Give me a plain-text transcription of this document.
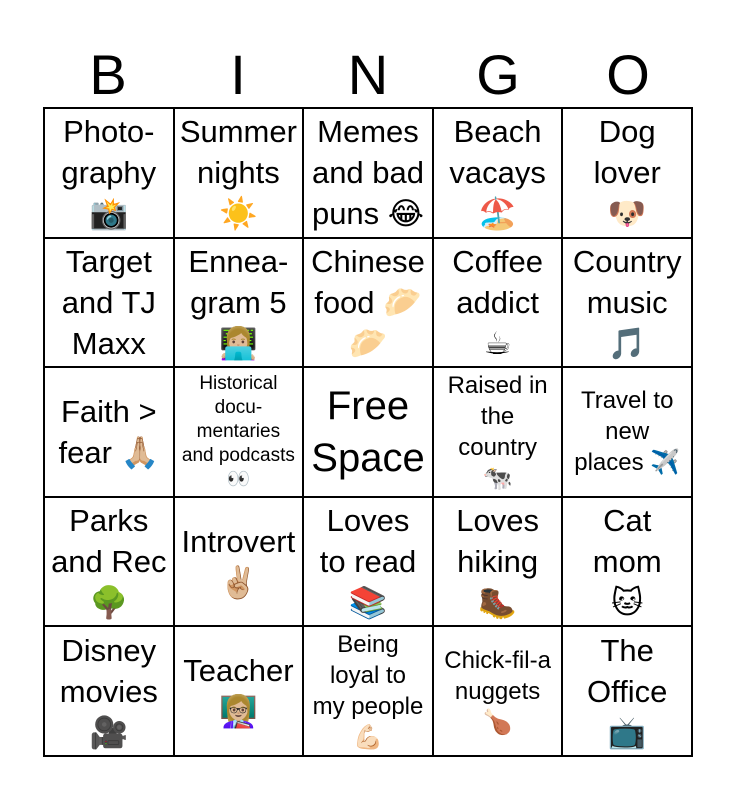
B	I	N	G	O
Photo-
graphy
📸
Summer
nights
☀️
Memes
and bad
puns 😂
Beach
vacays
🏖️
Dog
lover
🐶
Target
and TJ
Maxx
Ennea-
gram 5
👩🏼‍💻
Chinese
food 🥟
🥟
Coffee
addict
☕
Country
music
🎵
Faith >
fear 🙏🏼
Historical
docu-
mentaries
and podcasts
👀
Free
Space
Raised in
the
country
🐄
Travel to
new
places ✈️
Parks
and Rec
🌳
Introvert
✌🏼
Loves
to read
📚
Loves
hiking
🥾
Cat
mom
🐱
Disney
movies
🎥
Teacher
👩🏼‍🏫
Being
loyal to
my people
💪🏻
Chick-fil-a
nuggets
🍗
The
Office
📺
